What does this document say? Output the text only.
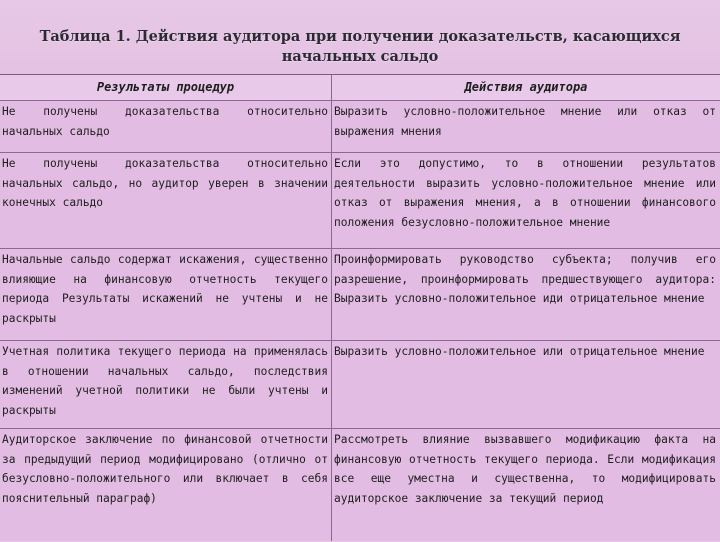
Таблица 1. Действия аудитора при получении доказательств, касающихся начальных сальдо
Результаты процедур	Действия аудитора
Не получены доказательства относительно начальных сальдо
Выразить условно-положительное мнение или отказ от выражения мнения
Не получены доказательства относительно начальных сальдо, но аудитор уверен в значении конечных сальдо
Если это допустимо, то в отношении результатов деятельности выразить условно-положительное мнение или отказ от выражения мнения, а в отношении финансового положения безусловно-положительное мнение
Начальные сальдо содержат искажения, существенно влияющие на финансовую отчетность текущего периода Результаты искажений не учтены и не раскрыты
Проинформировать руководство субъекта; получив его разрешение, проинформировать предшествующего аудитора: Выразить условно-положительное иди отрицательное мнение
Учетная политика текущего периода на применялась в отношении начальных сальдо, последствия изменений учетной политики не были учтены и раскрыты
Выразить условно-положительное или отрицательное мнение
Аудиторское заключение по финансовой отчетности за предыдущий период модифицировано (отлично от безусловно-положительного или включает в себя пояснительный параграф)
Рассмотреть влияние вызвавшего модификацию факта на финансовую отчетность текущего периода. Если модификация все еще уместна и существенна, то модифицировать аудиторское заключение за текущий период
